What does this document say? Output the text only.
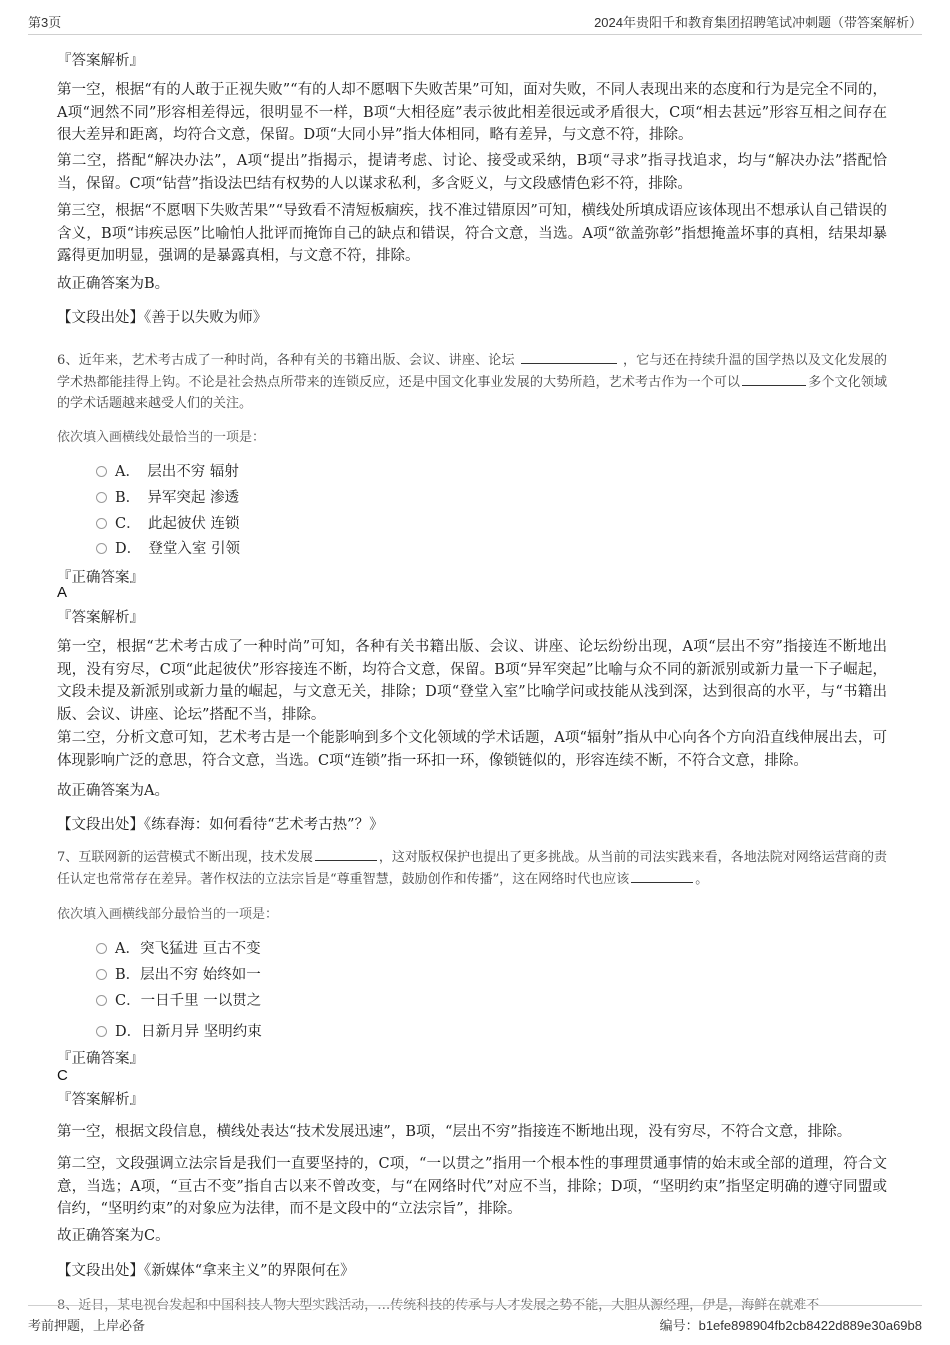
第3页	2024年贵阳千和教育集团招聘笔试冲刺题（带答案解析）
『答案解析』

第一空，根据“有的人敢于正视失败”“有的人却不愿咽下失败苦果”可知，面对失败，不同人表现出来的态度和行为是完全不同的，A项“迥然不同”形容相差得远，很明显不一样，B项“大相径庭”表示彼此相差很远或矛盾很大，C项“相去甚远”形容互相之间存在很大差异和距离，均符合文意，保留。D项“大同小异”指大体相同，略有差异，与文意不符，排除。

第二空，搭配“解决办法”，A项“提出”指揭示，提请考虑、讨论、接受或采纳，B项“寻求”指寻找追求，均与“解决办法”搭配恰当，保留。C项“钻营”指设法巴结有权势的人以谋求私利，多含贬义，与文段感情色彩不符，排除。

第三空，根据“不愿咽下失败苦果”“导致看不清短板痼疾，找不准过错原因”可知，横线处所填成语应该体现出不想承认自己错误的含义，B项“讳疾忌医”比喻怕人批评而掩饰自己的缺点和错误，符合文意，当选。A项“欲盖弥彰”指想掩盖坏事的真相，结果却暴露得更加明显，强调的是暴露真相，与文意不符，排除。

故正确答案为B。
【文段出处】《善于以失败为师》

6、近年来，艺术考古成了一种时尚，各种有关的书籍出版、会议、讲座、论坛	，它与还在持续升温的国学热以及文化发展的学术热都能挂得上钩。不论是社会热点所带来的连锁反应，还是中国文化事业发展的大势所趋，艺术考古作为一个可以	多个文化领域的学术话题越来越受人们的关注。

依次填入画横线处最恰当的一项是：
A．　层出不穷 辐射
B．　异军突起 渗透
C．　此起彼伏 连锁
D．　登堂入室 引领
『正确答案』
A
『答案解析』

第一空，根据“艺术考古成了一种时尚”可知，各种有关书籍出版、会议、讲座、论坛纷纷出现，A项“层出不穷”指接连不断地出现，没有穷尽，C项“此起彼伏”形容接连不断，均符合文意，保留。B项“异军突起”比喻与众不同的新派别或新力量一下子崛起，文段未提及新派别或新力量的崛起，与文意无关，排除；D项“登堂入室”比喻学问或技能从浅到深，达到很高的水平，与“书籍出版、会议、讲座、论坛”搭配不当，排除。

第二空，分析文意可知，艺术考古是一个能影响到多个文化领域的学术话题，A项“辐射”指从中心向各个方向沿直线伸展出去，可体现影响广泛的意思，符合文意，当选。C项“连锁”指一环扣一环，像锁链似的，形容连续不断，不符合文意，排除。

故正确答案为A。
【文段出处】《练春海：如何看待“艺术考古热”？》

7、互联网新的运营模式不断出现，技术发展	，这对版权保护也提出了更多挑战。从当前的司法实践来看，各地法院对网络运营商的责任认定也常常存在差异。著作权法的立法宗旨是“尊重智慧，鼓励创作和传播”，这在网络时代也应该	。

依次填入画横线部分最恰当的一项是：
A．突飞猛进 亘古不变
B．层出不穷 始终如一
C．一日千里 一以贯之
D．日新月异 坚明约束
『正确答案』
C
『答案解析』

第一空，根据文段信息，横线处表达“技术发展迅速”，B项，“层出不穷”指接连不断地出现，没有穷尽，不符合文意，排除。

第二空，文段强调立法宗旨是我们一直要坚持的，C项，“一以贯之”指用一个根本性的事理贯通事情的始末或全部的道理，符合文意，当选；A项，“亘古不变”指自古以来不曾改变，与“在网络时代”对应不当，排除；D项，“坚明约束”指坚定明确的遵守同盟或信约，“坚明约束”的对象应为法律，而不是文段中的“立法宗旨”，排除。

故正确答案为C。
【文段出处】《新媒体“拿来主义”的界限何在》
8、近日，某电视台发起和中国科技人物大型实践活动，…传统科技的传承与人才发展之势不能，大胆从源经理，伊是，海鲜在就难不
考前押题，上岸必备	编号：b1efe898904fb2cb8422d889e30a69b8
